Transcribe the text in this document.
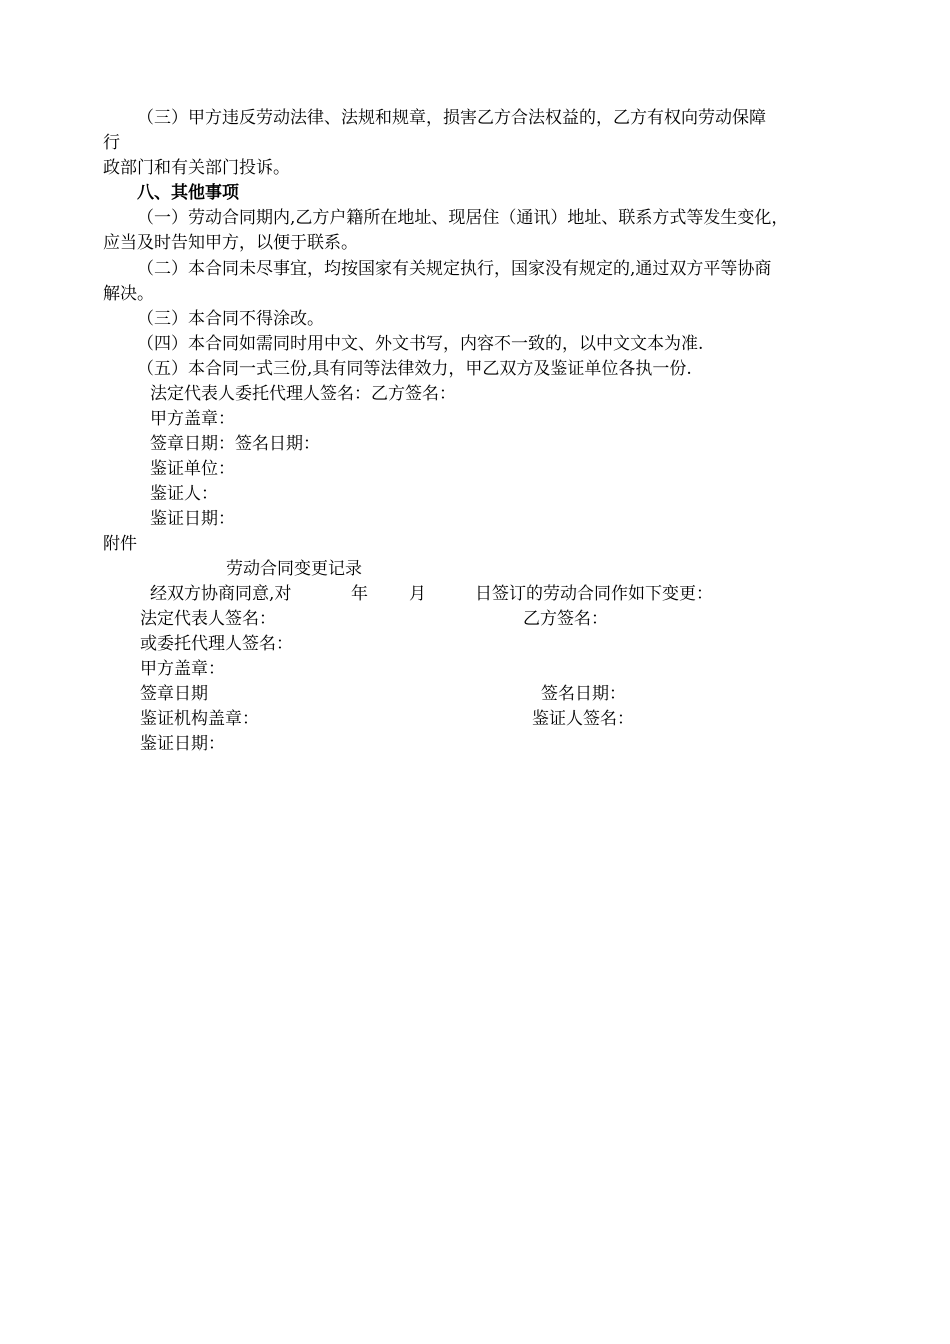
（三）甲方违反劳动法律、法规和规章，损害乙方合法权益的，乙方有权向劳动保障
行
政部门和有关部门投诉。
八、其他事项
（一）劳动合同期内,乙方户籍所在地址、现居住（通讯）地址、联系方式等发生变化，
应当及时告知甲方，以便于联系。
（二）本合同未尽事宜，均按国家有关规定执行，国家没有规定的,通过双方平等协商
解决。
（三）本合同不得涂改。
（四）本合同如需同时用中文、外文书写，内容不一致的，以中文文本为准.
（五）本合同一式三份,具有同等法律效力，甲乙双方及鉴证单位各执一份.
法定代表人委托代理人签名：乙方签名：
甲方盖章：
签章日期：签名日期：
鉴证单位：
鉴证人：
鉴证日期：
附件
劳动合同变更记录
经双方协商同意,对	年 月	日签订的劳动合同作如下变更：
法定代表人签名：	乙方签名：
或委托代理人签名：
甲方盖章：
签章日期	签名日期：
鉴证机构盖章：	鉴证人签名：
鉴证日期：
